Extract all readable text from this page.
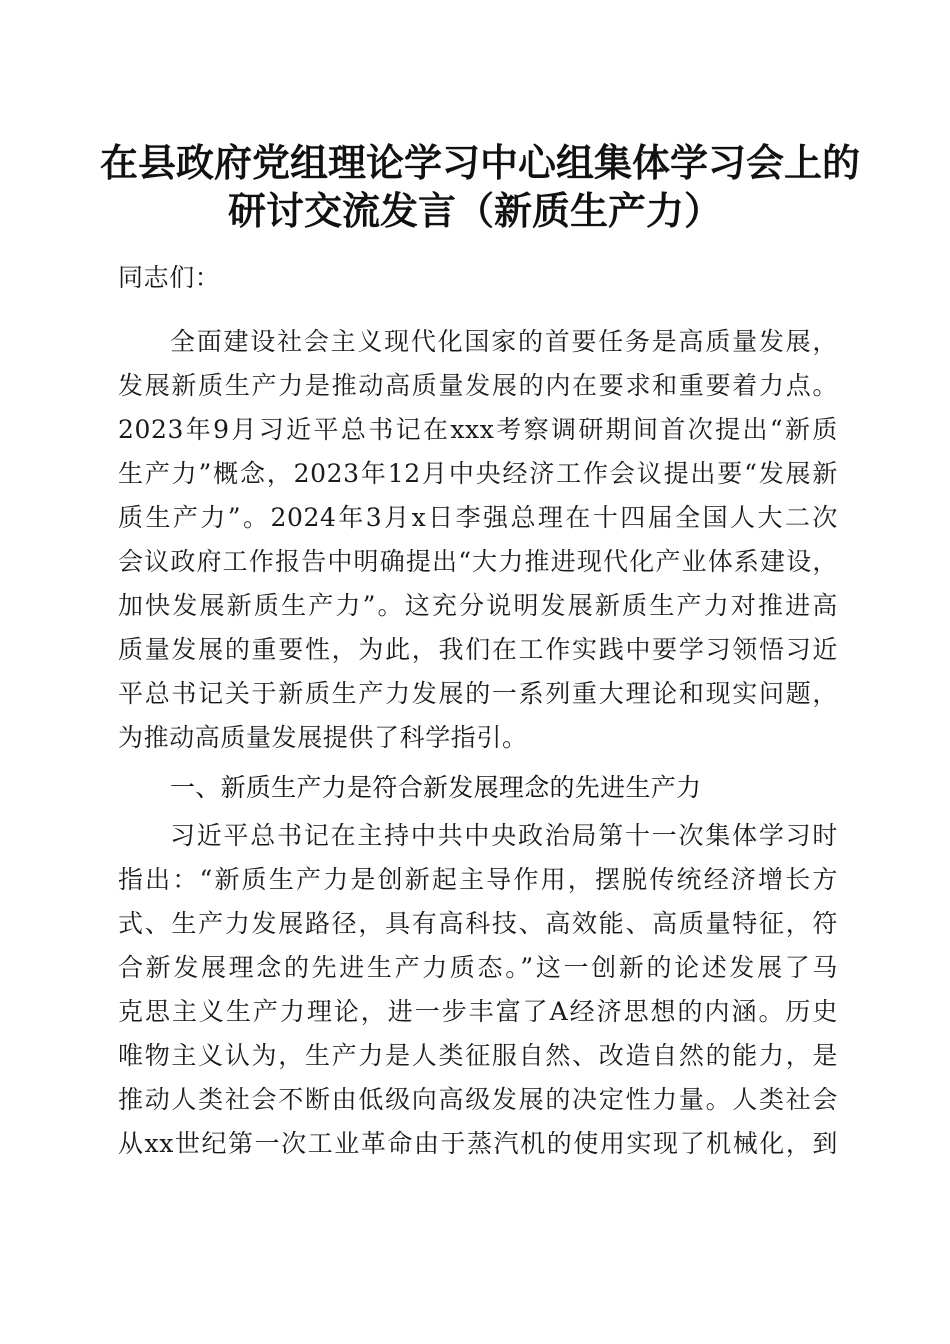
在县政府党组理论学习中心组集体学习会上的
研讨交流发言（新质生产力）
同志们：
全面建设社会主义现代化国家的首要任务是高质量发展，
发展新质生产力是推动高质量发展的内在要求和重要着力点。
2023年9月习近平总书记在xxx考察调研期间首次提出“新质
生产力”概念，2023年12月中央经济工作会议提出要“发展新
质生产力”。2024年3月x日李强总理在十四届全国人大二次
会议政府工作报告中明确提出“大力推进现代化产业体系建设，
加快发展新质生产力”。这充分说明发展新质生产力对推进高
质量发展的重要性，为此，我们在工作实践中要学习领悟习近
平总书记关于新质生产力发展的一系列重大理论和现实问题，
为推动高质量发展提供了科学指引。
一、新质生产力是符合新发展理念的先进生产力
习近平总书记在主持中共中央政治局第十一次集体学习时
指出：“新质生产力是创新起主导作用，摆脱传统经济增长方
式、生产力发展路径，具有高科技、高效能、高质量特征，符
合新发展理念的先进生产力质态。”这一创新的论述发展了马
克思主义生产力理论，进一步丰富了A经济思想的内涵。历史
唯物主义认为，生产力是人类征服自然、改造自然的能力，是
推动人类社会不断由低级向高级发展的决定性力量。人类社会
从xx世纪第一次工业革命由于蒸汽机的使用实现了机械化，到
